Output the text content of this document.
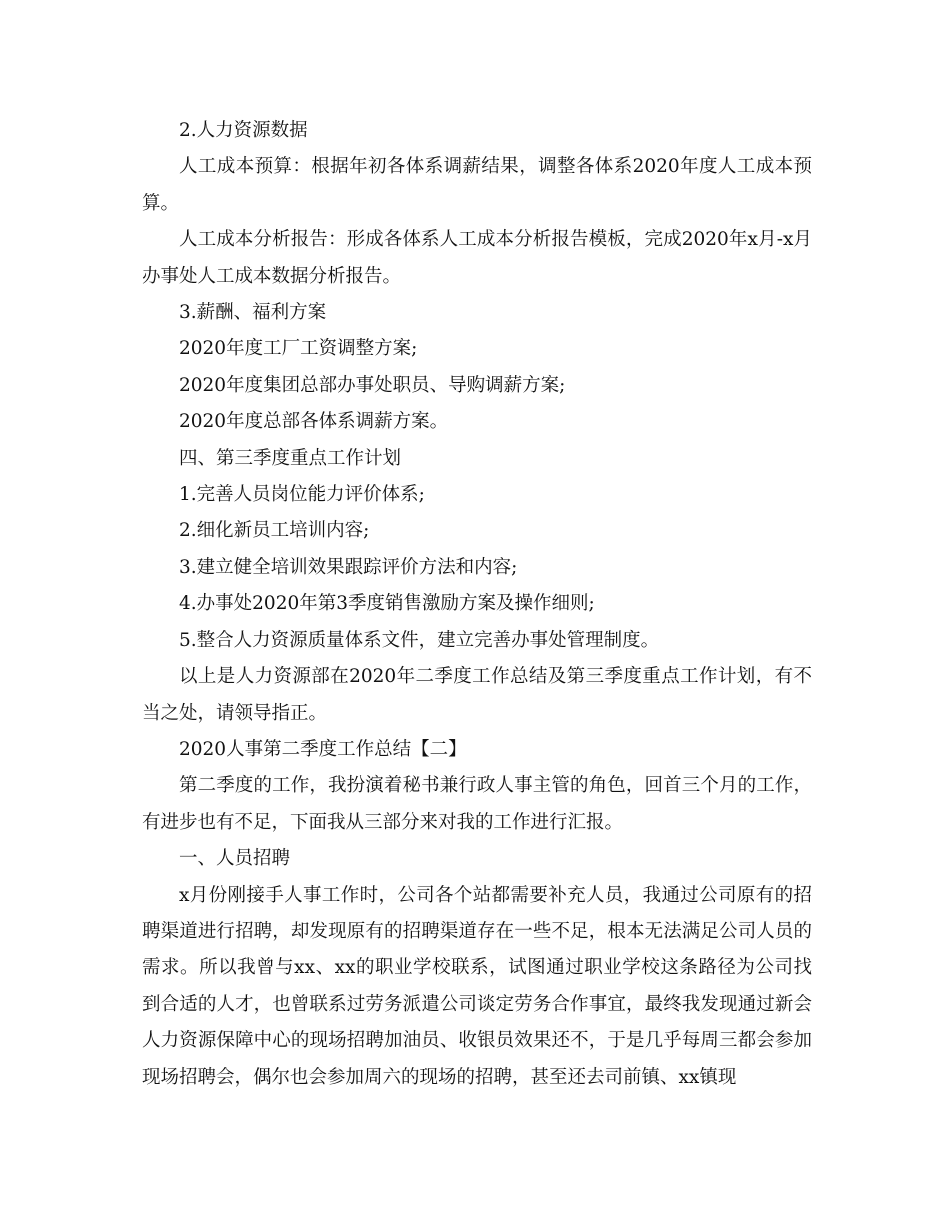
2.人力资源数据

人工成本预算：根据年初各体系调薪结果，调整各体系2020年度人工成本预算。

人工成本分析报告：形成各体系人工成本分析报告模板，完成2020年x月-x月办事处人工成本数据分析报告。

3.薪酬、福利方案

2020年度工厂工资调整方案;

2020年度集团总部办事处职员、导购调薪方案;

2020年度总部各体系调薪方案。

四、第三季度重点工作计划

1.完善人员岗位能力评价体系;

2.细化新员工培训内容;

3.建立健全培训效果跟踪评价方法和内容;

4.办事处2020年第3季度销售激励方案及操作细则;

5.整合人力资源质量体系文件，建立完善办事处管理制度。

以上是人力资源部在2020年二季度工作总结及第三季度重点工作计划，有不当之处，请领导指正。

2020人事第二季度工作总结【二】

第二季度的工作，我扮演着秘书兼行政人事主管的角色，回首三个月的工作，有进步也有不足，下面我从三部分来对我的工作进行汇报。

一、人员招聘

x月份刚接手人事工作时，公司各个站都需要补充人员，我通过公司原有的招聘渠道进行招聘，却发现原有的招聘渠道存在一些不足，根本无法满足公司人员的需求。所以我曾与xx、xx的职业学校联系，试图通过职业学校这条路径为公司找到合适的人才，也曾联系过劳务派遣公司谈定劳务合作事宜，最终我发现通过新会人力资源保障中心的现场招聘加油员、收银员效果还不，于是几乎每周三都会参加现场招聘会，偶尔也会参加周六的现场的招聘，甚至还去司前镇、xx镇现
